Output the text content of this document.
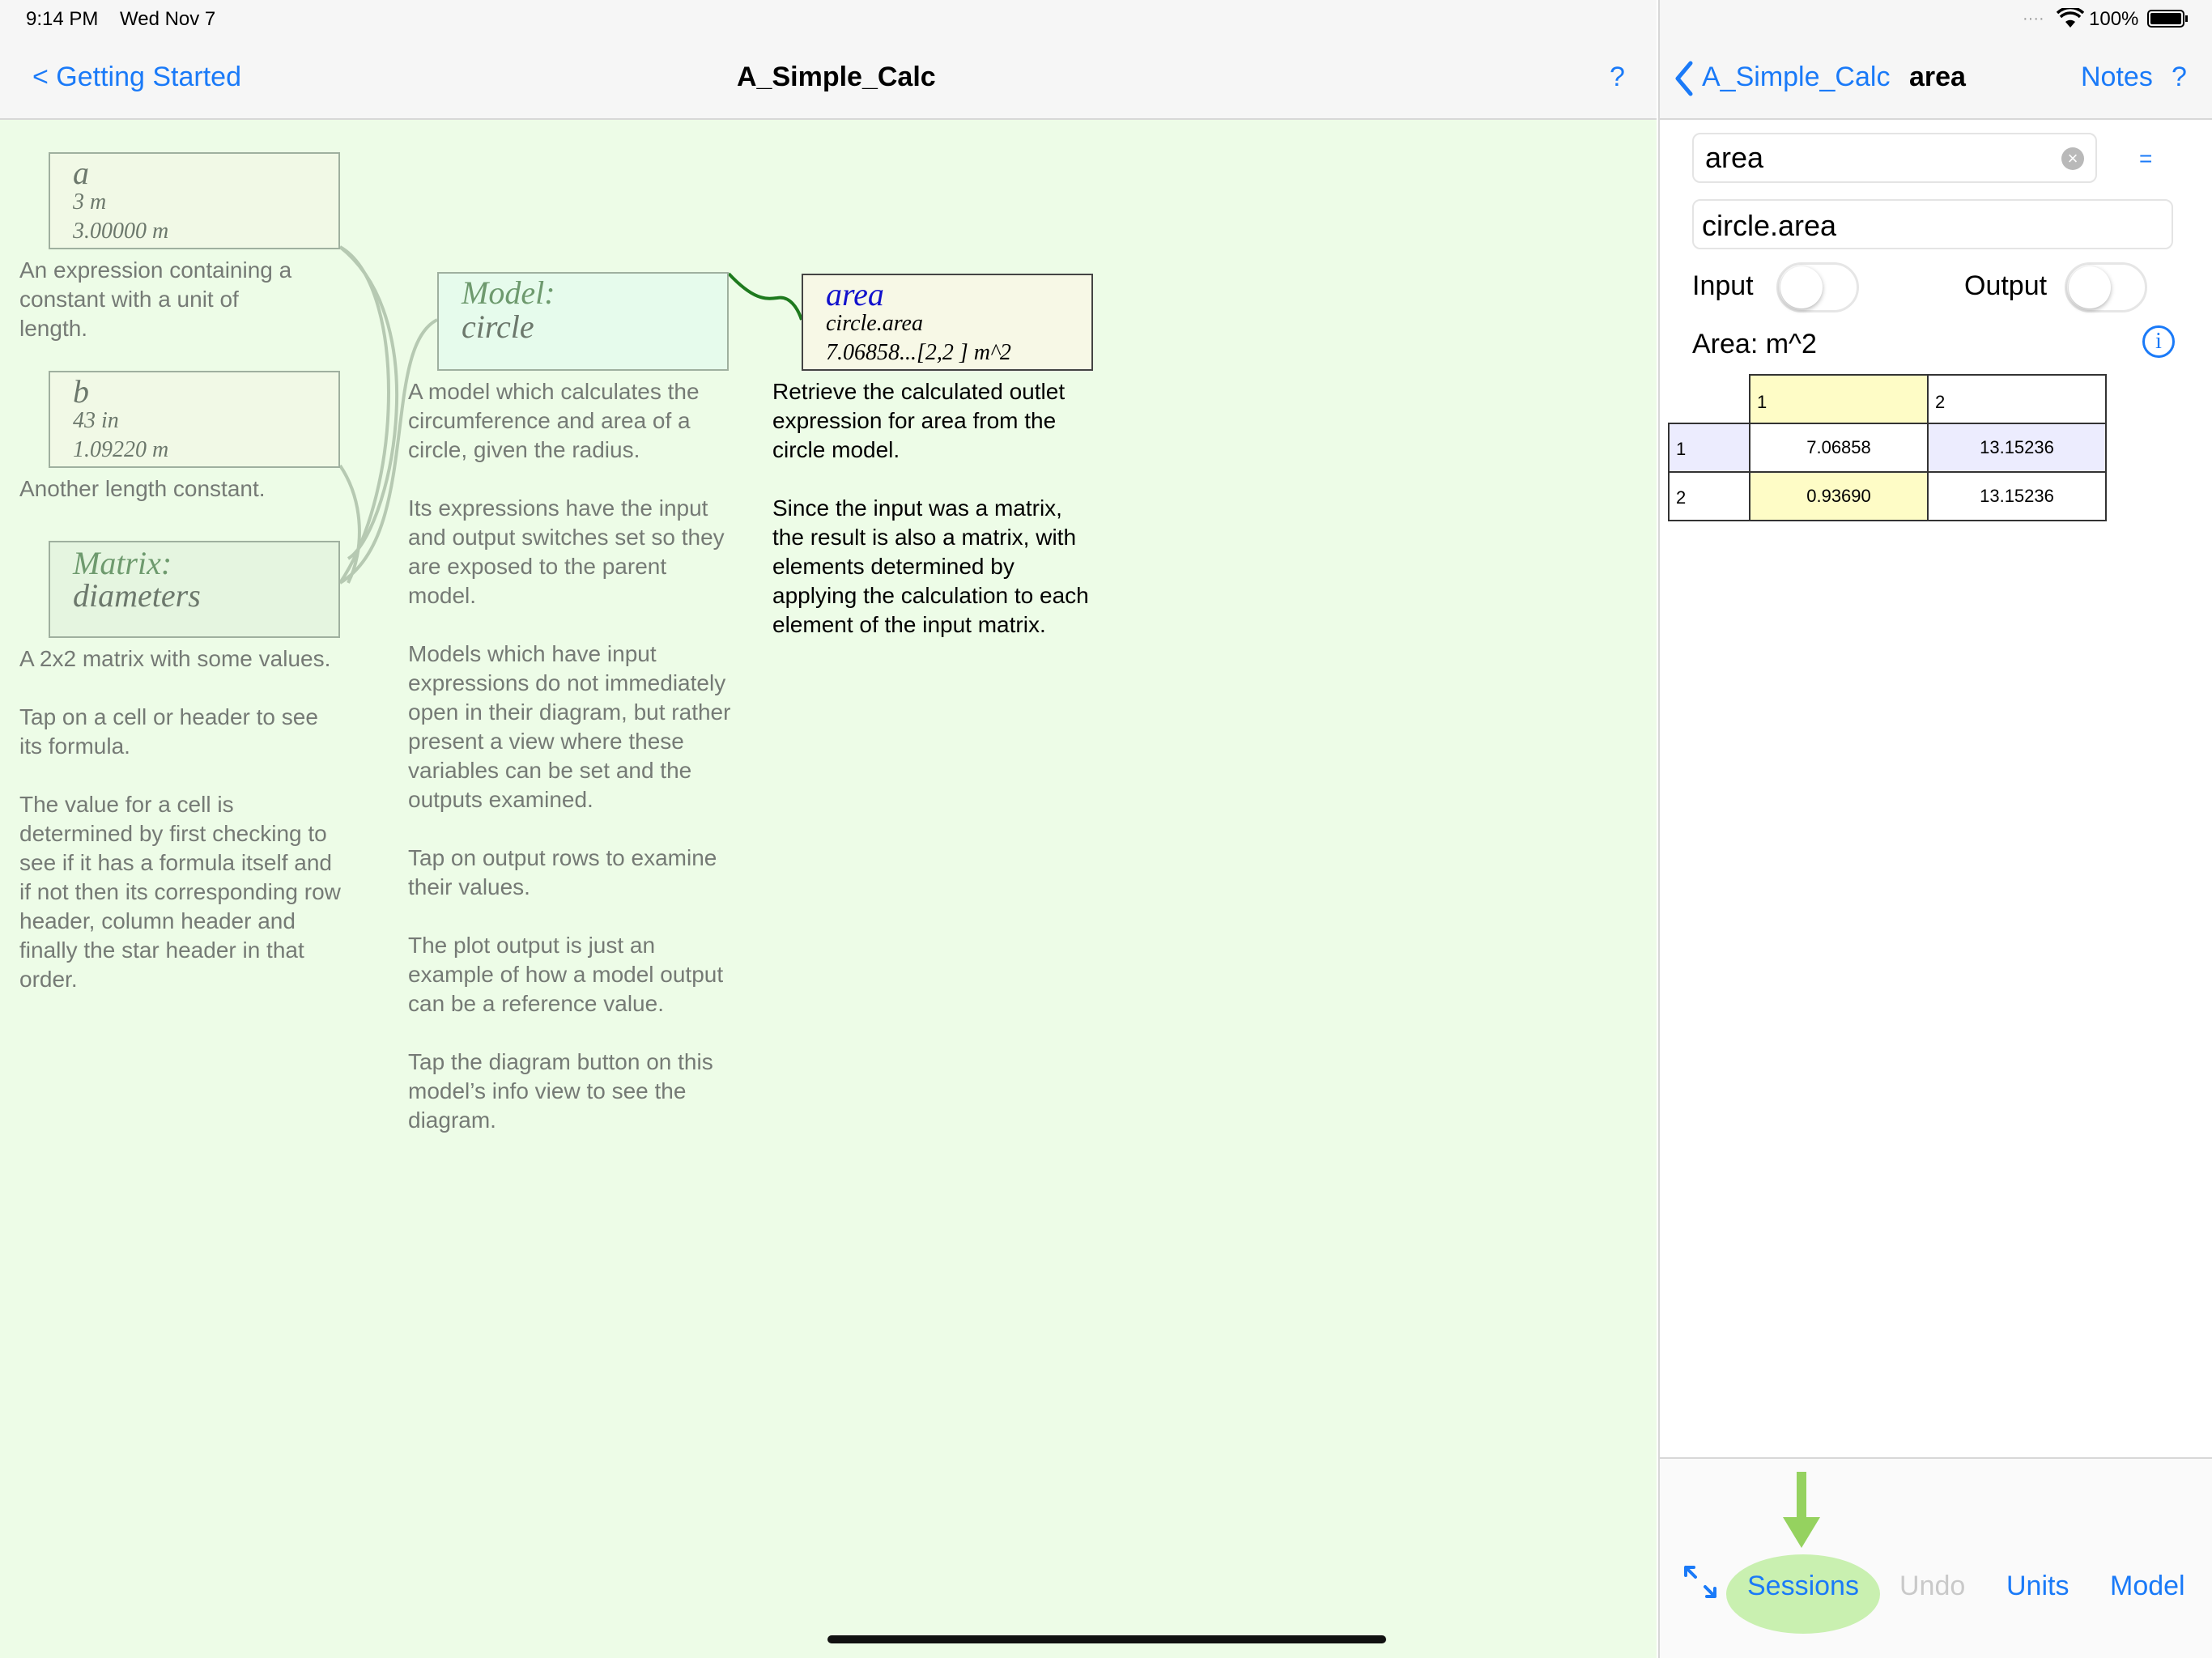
9:14 PM Wed Nov 7
< Getting Started	A_Simple_Calc	?
a
3 m
3.00000 m
An expression containing a
constant with a unit of
length.
b
43 in
1.09220 m
Another length constant.
Matrix:
diameters
A 2x2 matrix with some values.

Tap on a cell or header to see
its formula.

The value for a cell is
determined by first checking to
see if it has a formula itself and
if not then its corresponding row
header, column header and
finally the star header in that
order.
Model:
circle
A model which calculates the
circumference and area of a
circle, given the radius.

Its expressions have the input
and output switches set so they
are exposed to the parent
model.

Models which have input
expressions do not immediately
open in their diagram, but rather
present a view where these
variables can be set and the
outputs examined.

Tap on output rows to examine
their values.

The plot output is just an
example of how a model output
can be a reference value.

Tap the diagram button on this
model’s info view to see the
diagram.
area
circle.area
7.06858...[2,2 ] m^2
Retrieve the calculated outlet
expression for area from the
circle model.

Since the input was a matrix,
the result is also a matrix, with
elements determined by
applying the calculation to each
element of the input matrix.
···· 100%
A_Simple_Calc area	Notes ?
area	×	=
circle.area
Input	Output
Area: m^2	i

	1	2

1	7.06858	13.15236

2	0.93690	13.15236
Sessions Undo Units Model
